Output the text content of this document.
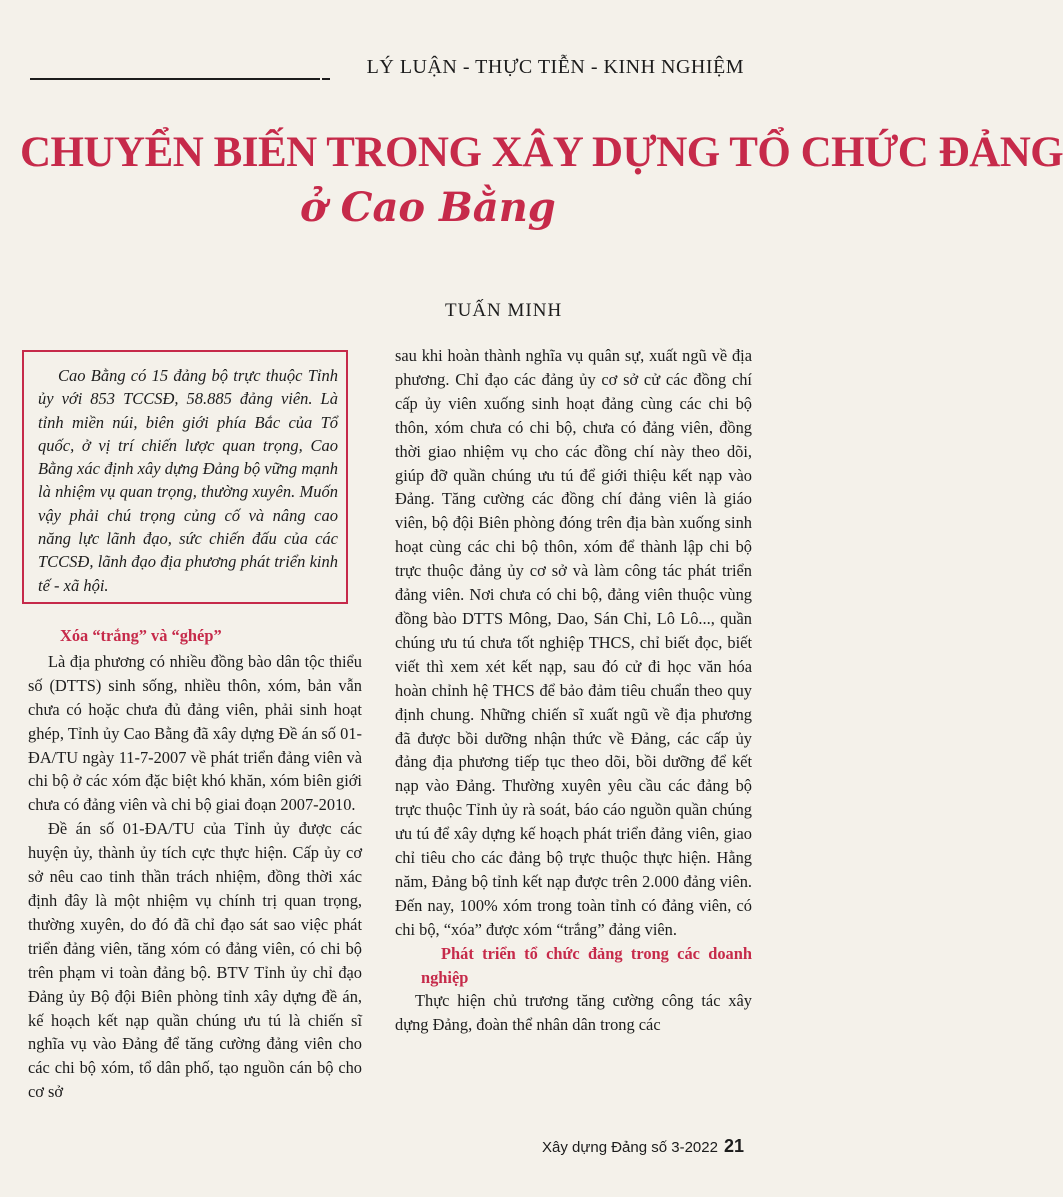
LÝ LUẬN - THỰC TIỄN - KINH NGHIỆM
CHUYỂN BIẾN TRONG XÂY DỰNG TỔ CHỨC ĐẢNG
ở Cao Bằng
TUẤN MINH

Cao Bằng có 15 đảng bộ trực thuộc Tỉnh ủy với 853 TCCSĐ, 58.885 đảng viên. Là tỉnh miền núi, biên giới phía Bắc của Tổ quốc, ở vị trí chiến lược quan trọng, Cao Bằng xác định xây dựng Đảng bộ vững mạnh là nhiệm vụ quan trọng, thường xuyên. Muốn vậy phải chú trọng củng cố và nâng cao năng lực lãnh đạo, sức chiến đấu của các TCCSĐ, lãnh đạo địa phương phát triển kinh tế - xã hội.

Xóa “trắng” và “ghép”

Là địa phương có nhiều đồng bào dân tộc thiểu số (DTTS) sinh sống, nhiều thôn, xóm, bản vẫn chưa có hoặc chưa đủ đảng viên, phải sinh hoạt ghép, Tỉnh ủy Cao Bằng đã xây dựng Đề án số 01-ĐA/TU ngày 11-7-2007 về phát triển đảng viên và chi bộ ở các xóm đặc biệt khó khăn, xóm biên giới chưa có đảng viên và chi bộ giai đoạn 2007-2010.

Đề án số 01-ĐA/TU của Tỉnh ủy được các huyện ủy, thành ủy tích cực thực hiện. Cấp ủy cơ sở nêu cao tinh thần trách nhiệm, đồng thời xác định đây là một nhiệm vụ chính trị quan trọng, thường xuyên, do đó đã chỉ đạo sát sao việc phát triển đảng viên, tăng xóm có đảng viên, có chi bộ trên phạm vi toàn đảng bộ. BTV Tỉnh ủy chỉ đạo Đảng ủy Bộ đội Biên phòng tỉnh xây dựng đề án, kế hoạch kết nạp quần chúng ưu tú là chiến sĩ nghĩa vụ vào Đảng để tăng cường đảng viên cho các chi bộ xóm, tổ dân phố, tạo nguồn cán bộ cho cơ sở

sau khi hoàn thành nghĩa vụ quân sự, xuất ngũ về địa phương. Chỉ đạo các đảng ủy cơ sở cử các đồng chí cấp ủy viên xuống sinh hoạt đảng cùng các chi bộ thôn, xóm chưa có chi bộ, chưa có đảng viên, đồng thời giao nhiệm vụ cho các đồng chí này theo dõi, giúp đỡ quần chúng ưu tú để giới thiệu kết nạp vào Đảng. Tăng cường các đồng chí đảng viên là giáo viên, bộ đội Biên phòng đóng trên địa bàn xuống sinh hoạt cùng các chi bộ thôn, xóm để thành lập chi bộ trực thuộc đảng ủy cơ sở và làm công tác phát triển đảng viên. Nơi chưa có chi bộ, đảng viên thuộc vùng đồng bào DTTS Mông, Dao, Sán Chỉ, Lô Lô..., quần chúng ưu tú chưa tốt nghiệp THCS, chỉ biết đọc, biết viết thì xem xét kết nạp, sau đó cử đi học văn hóa hoàn chỉnh hệ THCS để bảo đảm tiêu chuẩn theo quy định chung. Những chiến sĩ xuất ngũ về địa phương đã được bồi dưỡng nhận thức về Đảng, các cấp ủy đảng địa phương tiếp tục theo dõi, bồi dưỡng để kết nạp vào Đảng. Thường xuyên yêu cầu các đảng bộ trực thuộc Tỉnh ủy rà soát, báo cáo nguồn quần chúng ưu tú để xây dựng kế hoạch phát triển đảng viên, giao chỉ tiêu cho các đảng bộ trực thuộc thực hiện. Hằng năm, Đảng bộ tỉnh kết nạp được trên 2.000 đảng viên. Đến nay, 100% xóm trong toàn tỉnh có đảng viên, có chi bộ, “xóa” được xóm “trắng” đảng viên.

Phát triển tổ chức đảng trong các doanh nghiệp

Thực hiện chủ trương tăng cường công tác xây dựng Đảng, đoàn thể nhân dân trong các

Xây dựng Đảng số 3-2022 21
